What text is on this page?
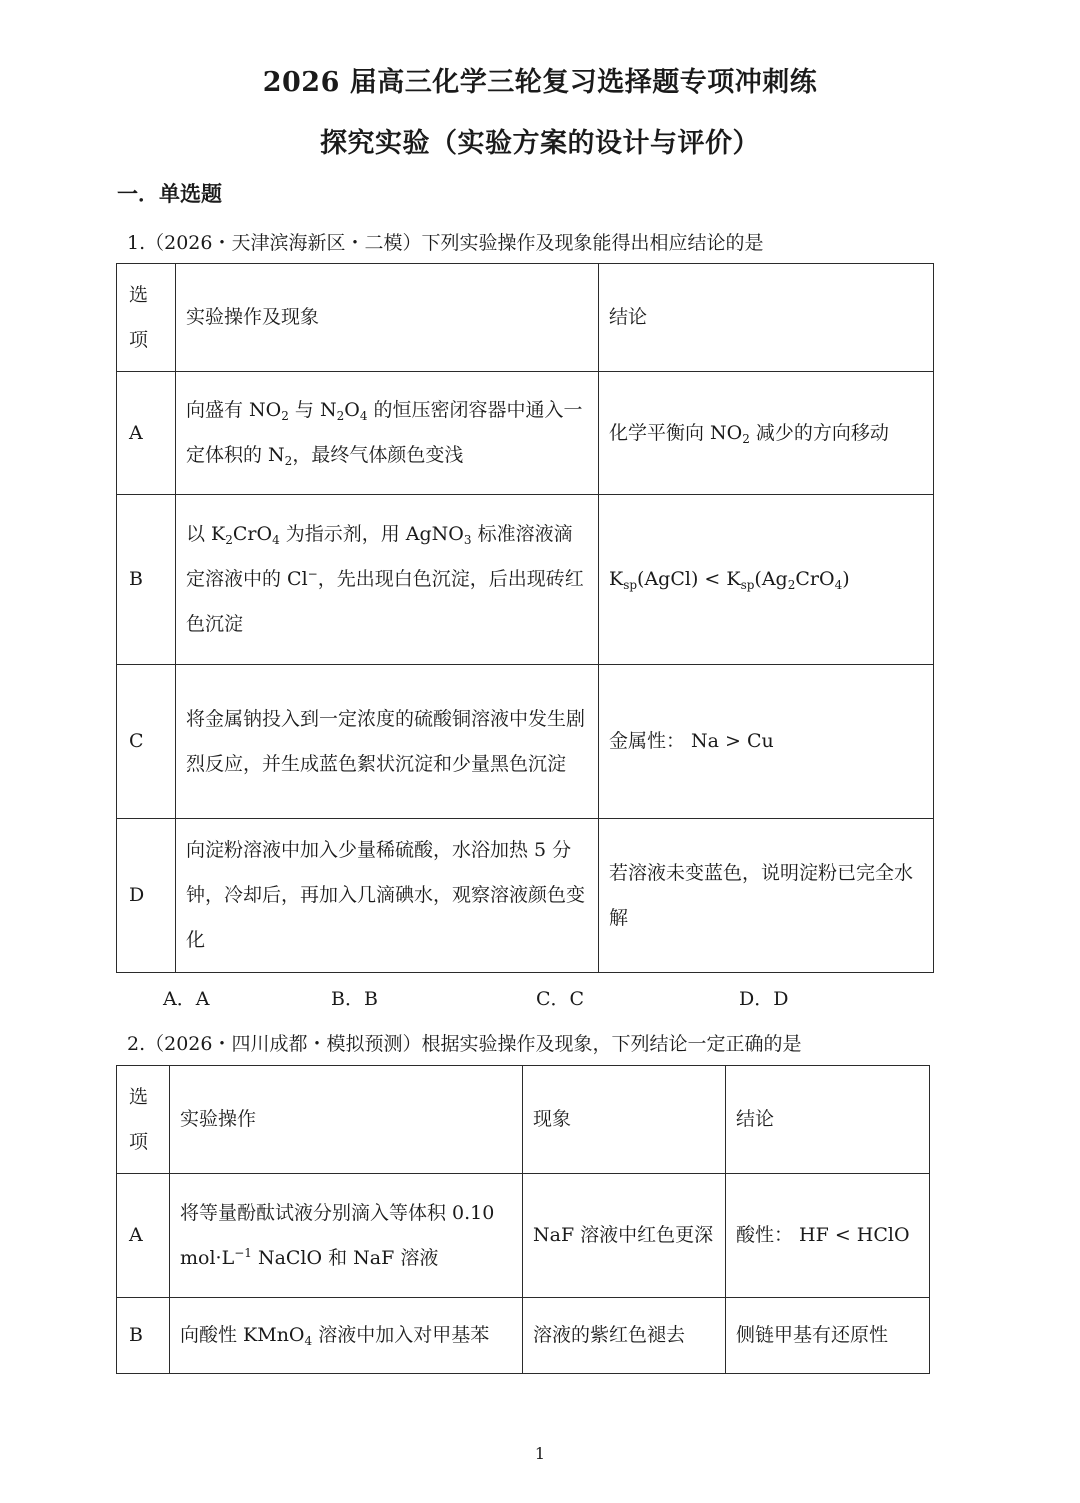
2026 届高三化学三轮复习选择题专项冲刺练
探究实验（实验方案的设计与评价）
一．单选题
1.（2026・天津滨海新区・二模）下列实验操作及现象能得出相应结论的是
选项	实验操作及现象	结论
A	向盛有 $NO_2$ 与 $N_2O_4$ 的恒压密闭容器中通入一定体积的 $N_2$，最终气体颜色变浅	化学平衡向 $NO_2$ 减少的方向移动
B	以 $K_2CrO_4$ 为指示剂，用 AgNO$_3$ 标准溶液滴定溶液中的 Cl−，先出现白色沉淀，后出现砖红色沉淀	$K_{sp}(AgCl) < K_{sp}(Ag_2CrO_4)$
C	将金属钠投入到一定浓度的硫酸铜溶液中发生剧烈反应，并生成蓝色絮状沉淀和少量黑色沉淀	金属性： Na > Cu
D	向淀粉溶液中加入少量稀硫酸，水浴加热 5 分钟，冷却后，再加入几滴碘水，观察溶液颜色变化	若溶液未变蓝色，说明淀粉已完全水解
A．A	B．B	C．C	D．D
2.（2026・四川成都・模拟预测）根据实验操作及现象，下列结论一定正确的是
选项	实验操作	现象	结论
A	将等量酚酞试液分别滴入等体积 0.10 $mol\cdot L^{-1}$ NaClO 和 NaF 溶液	NaF 溶液中红色更深	酸性： HF < HClO
B	向酸性 KMnO$_4$ 溶液中加入对甲基苯	溶液的紫红色褪去	侧链甲基有还原性
1
